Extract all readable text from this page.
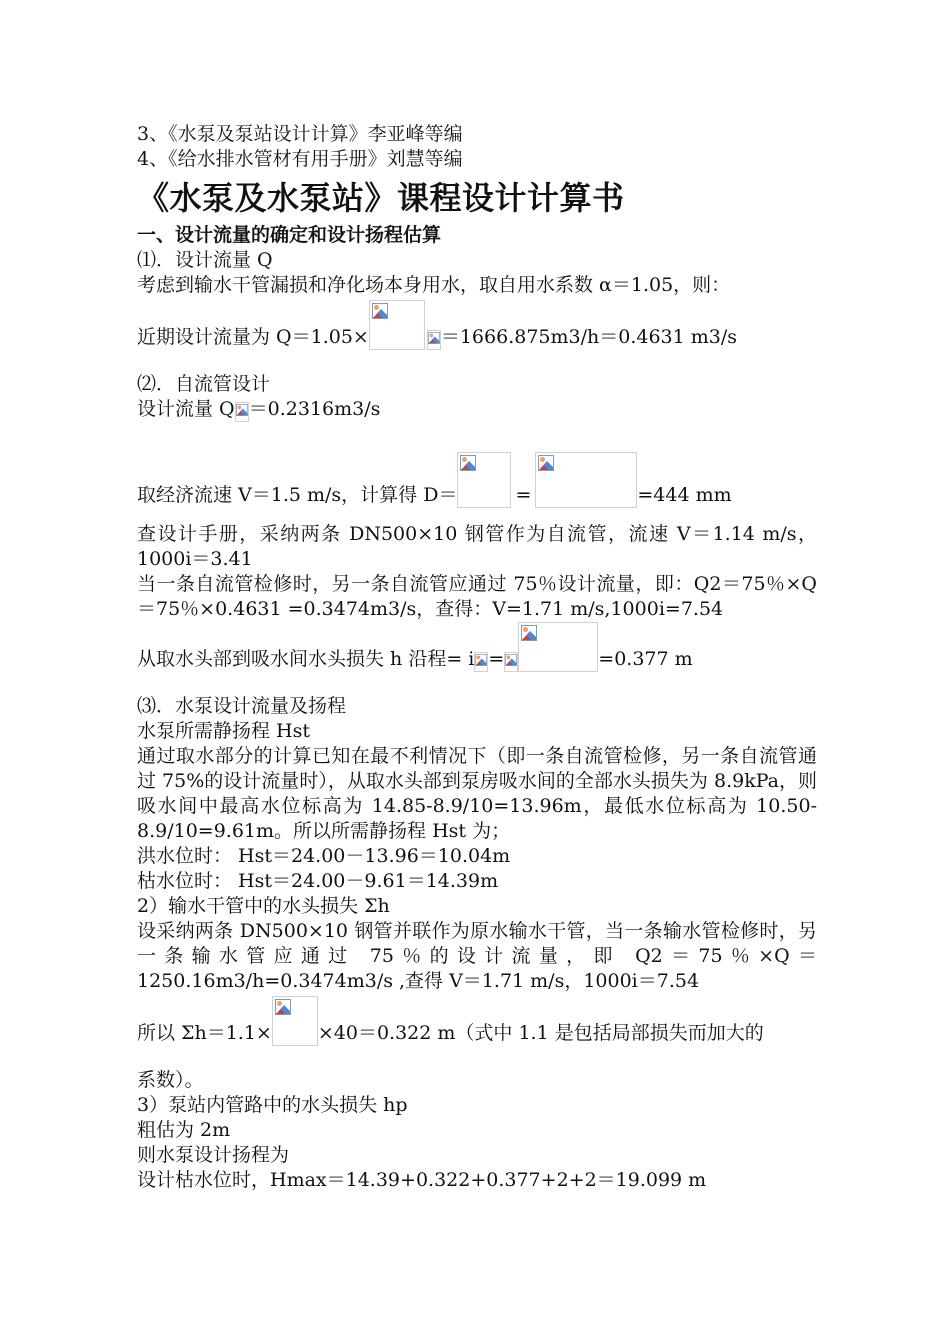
3、《水泵及泵站设计计算》李亚峰等编
4、《给水排水管材有用手册》刘慧等编
《水泵及水泵站》课程设计计算书
一、设计流量的确定和设计扬程估算
⑴．设计流量 Q
考虑到输水干管漏损和净化场本身用水，取自用水系数 α＝1.05，则：
近期设计流量为 Q＝1.05×	＝1666.875m3/h＝0.4631 m3/s
⑵．自流管设计
设计流量 Q ＝0.2316m3/s
取经济流速 V＝1.5 m/s，计算得 D＝	=	=444 mm
查设计手册，采纳两条 DN500×10 钢管作为自流管，流速 V＝1.14 m/s，1000i＝3.41
当一条自流管检修时，另一条自流管应通过 75％设计流量，即：Q2＝75％×Q＝75％×0.4631 =0.3474m3/s，查得：V=1.71 m/s,1000i=7.54
从取水头部到吸水间水头损失 h 沿程= i =	=0.377 m
⑶．水泵设计流量及扬程
水泵所需静扬程 Hst
通过取水部分的计算已知在最不利情况下（即一条自流管检修，另一条自流管通过 75%的设计流量时），从取水头部到泵房吸水间的全部水头损失为 8.9kPa，则吸水间中最高水位标高为 14.85-8.9/10=13.96m，最低水位标高为 10.50-8.9/10=9.61m。所以所需静扬程 Hst 为；
洪水位时： Hst＝24.00－13.96＝10.04m
枯水位时： Hst＝24.00－9.61＝14.39m
2）输水干管中的水头损失 Σh
设采纳两条 DN500×10 钢管并联作为原水输水干管，当一条输水管检修时，另一条输水管应通过 75％的设计流量，即 Q2＝75％×Q＝1250.16m3/h=0.3474m3/s ,查得 V＝1.71 m/s，1000i＝7.54
所以 Σh＝1.1× ×40＝0.322 m（式中 1.1 是包括局部损失而加大的
系数）。
3）泵站内管路中的水头损失 hp
粗估为 2m
则水泵设计扬程为
设计枯水位时，Hmax＝14.39+0.322+0.377+2+2＝19.099 m
